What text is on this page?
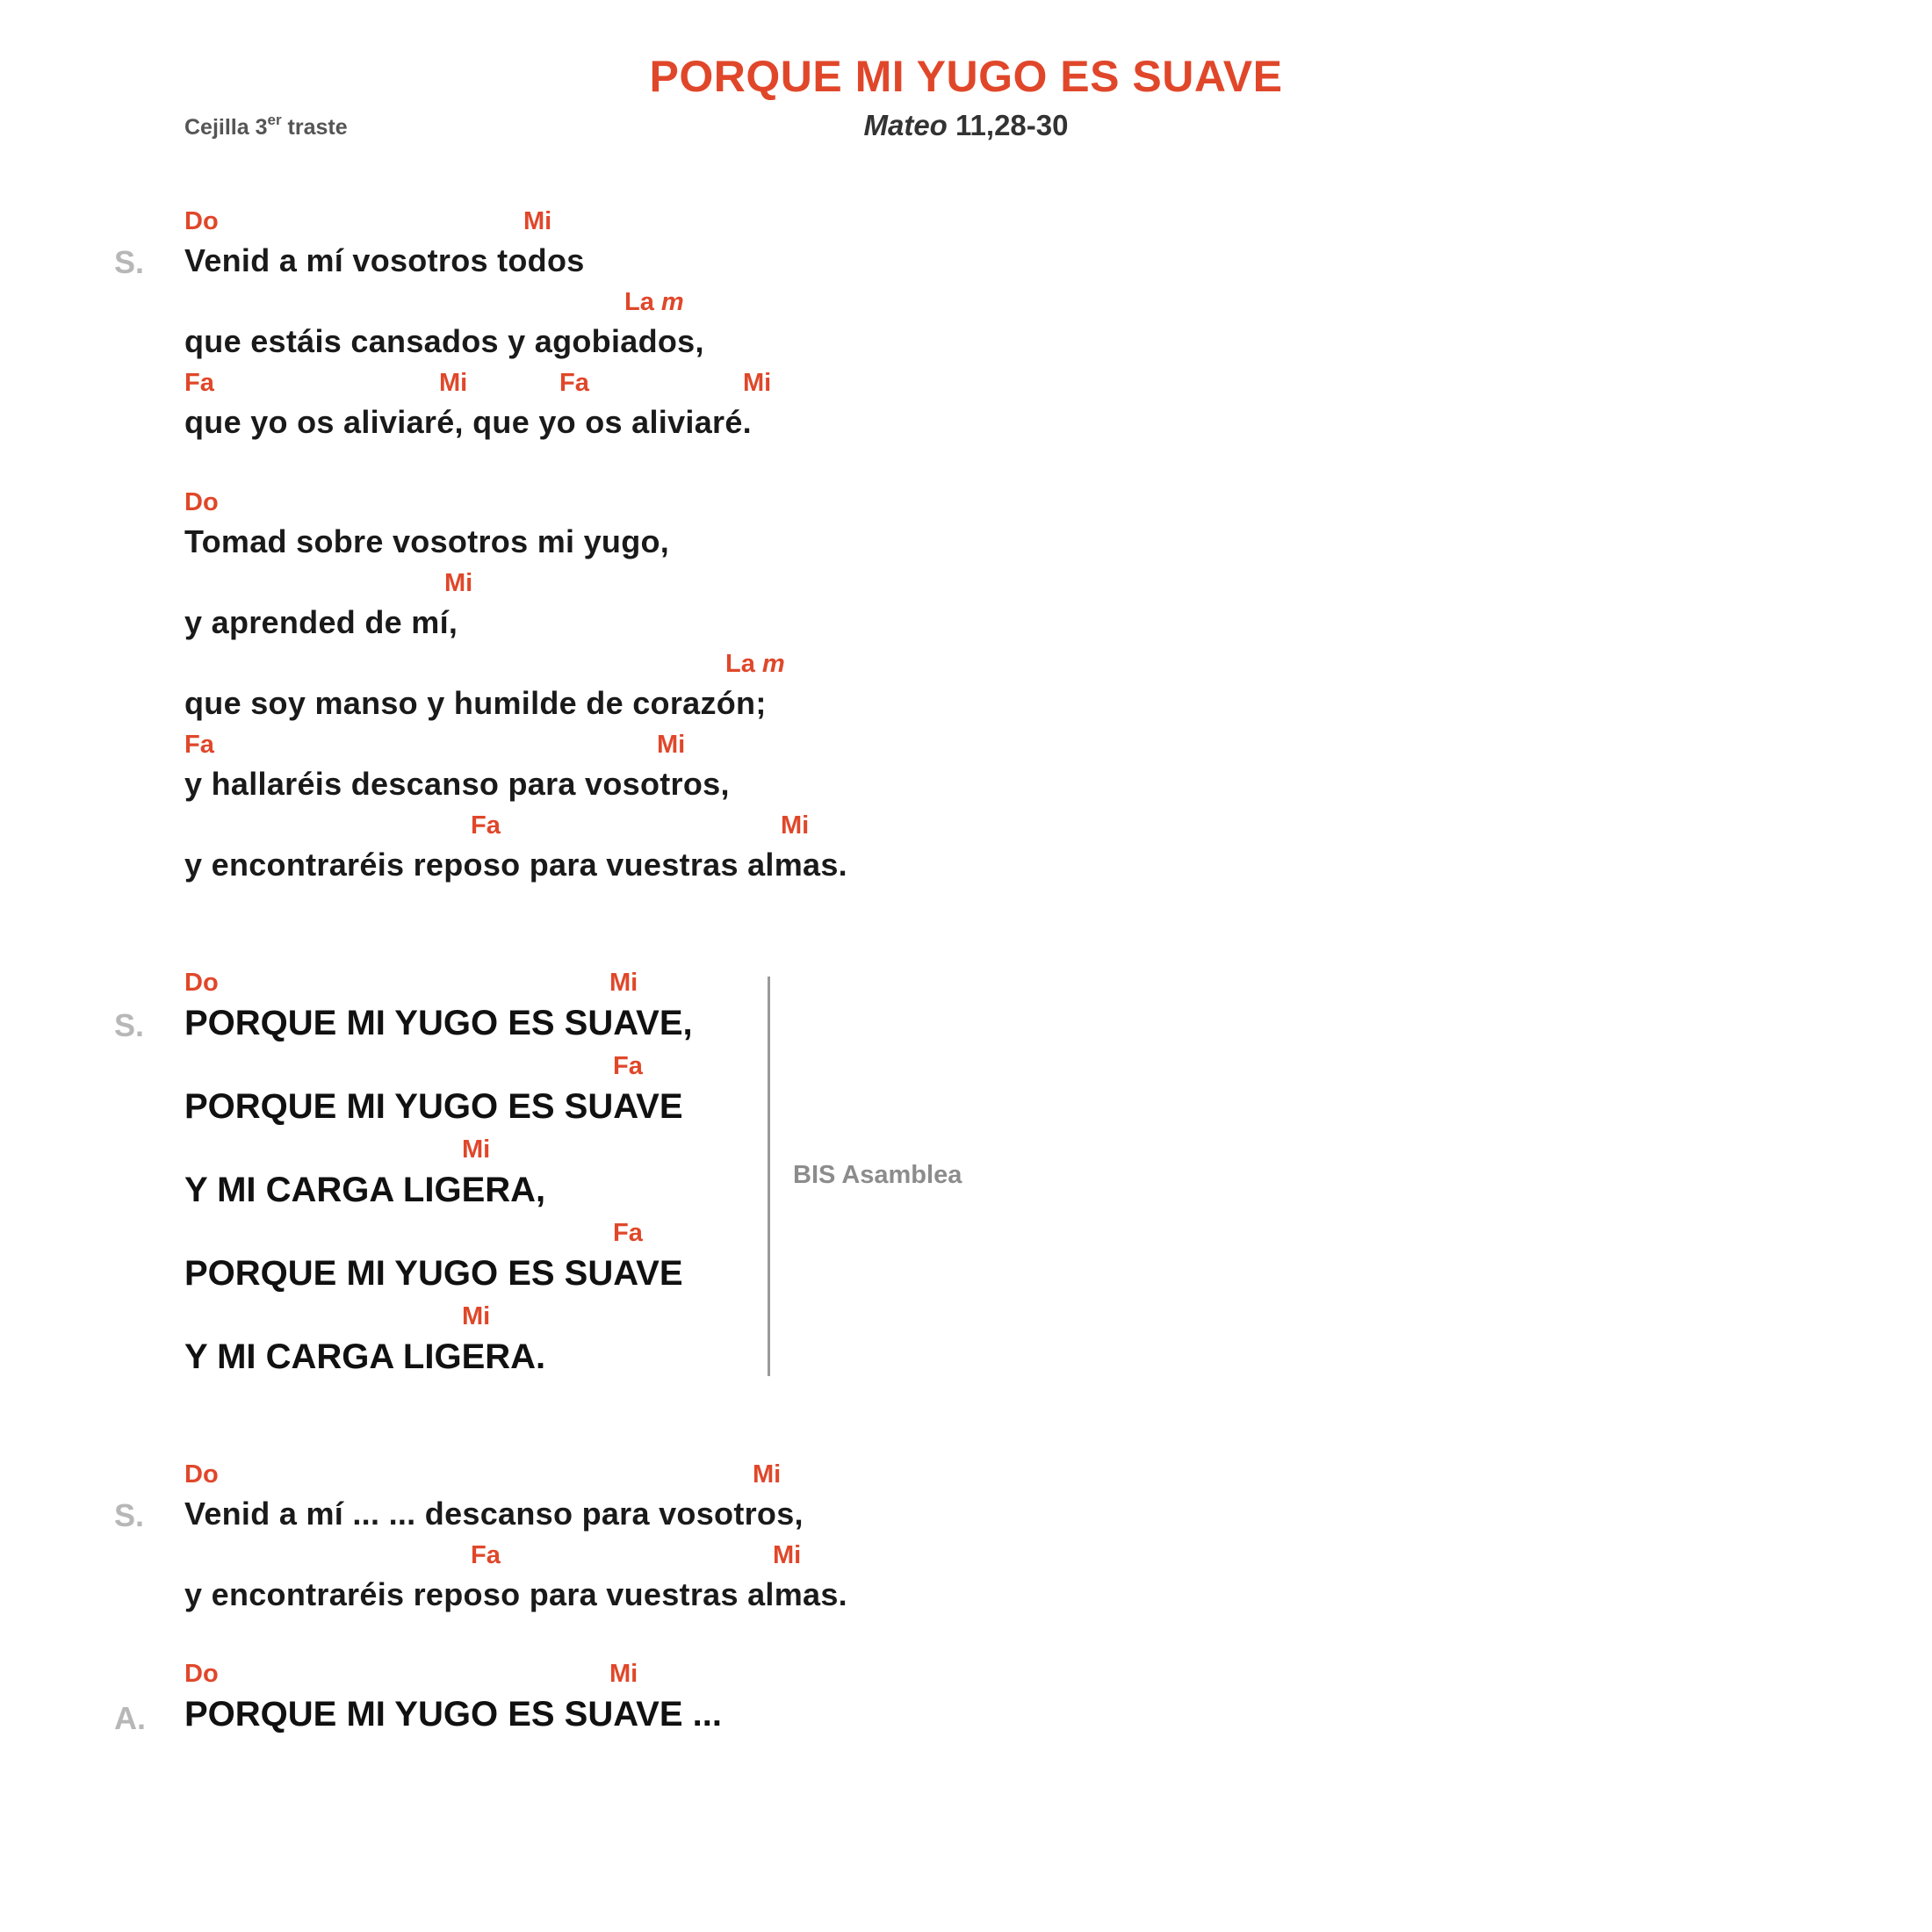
PORQUE MI YUGO ES SUAVE
Mateo 11,28-30
Cejilla 3er traste
Do	Mi
S. Venid a mí vosotros todos
La m
que estáis cansados y agobiados,
Fa	Mi	Fa	Mi
que yo os aliviaré, que yo os aliviaré.
Do
Tomad sobre vosotros mi yugo,
Mi
y aprended de mí,
La m
que soy manso y humilde de corazón;
Fa	Mi
y hallaréis descanso para vosotros,
Fa	Mi
y encontraréis reposo para vuestras almas.
Do	Mi
S. PORQUE MI YUGO ES SUAVE,
Fa
PORQUE MI YUGO ES SUAVE
Mi
Y MI CARGA LIGERA,
Fa
PORQUE MI YUGO ES SUAVE
Mi
Y MI CARGA LIGERA.
BIS Asamblea
Do	Mi
S. Venid a mí ... ... descanso para vosotros,
Fa	Mi
y encontraréis reposo para vuestras almas.
Do	Mi
A. PORQUE MI YUGO ES SUAVE ...
